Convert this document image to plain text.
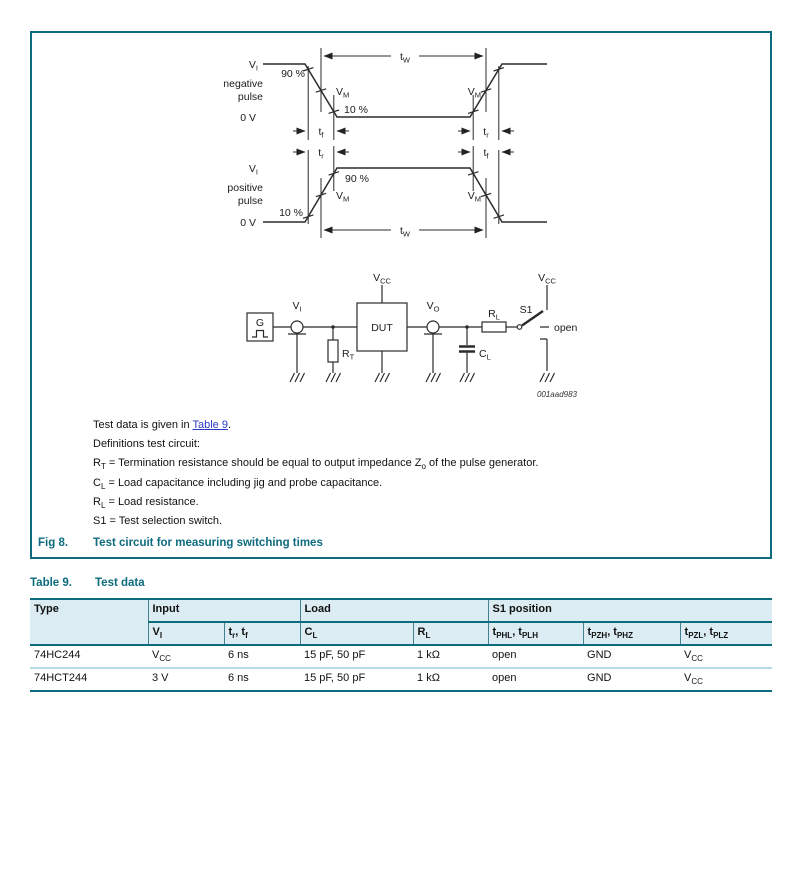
$V_I$
negative
pulse
90 %
0 V
$V_M$
10 %
$t_W$
$V_M$
$t_f$	$t_r$
$t_r$	$t_f$
$V_I$
positive
pulse
10 %
0 V
90 %
$V_M$	$V_M$
$t_W$
G	DUT
$V_{CC}$	$V_{CC}$
$V_I$	$V_O$
$R_T$
$R_L$
$C_L$
S1
open
001aad983
Test data is given in Table 9.
Definitions test circuit:
$R_T$ = Termination resistance should be equal to output impedance $Z_o$ of the pulse generator.
$C_L$ = Load capacitance including jig and probe capacitance.
$R_L$ = Load resistance.
S1 = Test selection switch.
Fig 8. Test circuit for measuring switching times
Table 9. Test data
Type	Input		Load		S1 position		
	$V_I$	$t_r$, $t_f$	$C_L$	$R_L$	$t_{PHL}$, $t_{PLH}$	$t_{PZH}$, $t_{PHZ}$	$t_{PZL}$, $t_{PLZ}$
74HC244	$V_{CC}$	6 ns	15 pF, 50 pF	1 kΩ	open	GND	$V_{CC}$
74HCT244	3 V	6 ns	15 pF, 50 pF	1 kΩ	open	GND	$V_{CC}$
